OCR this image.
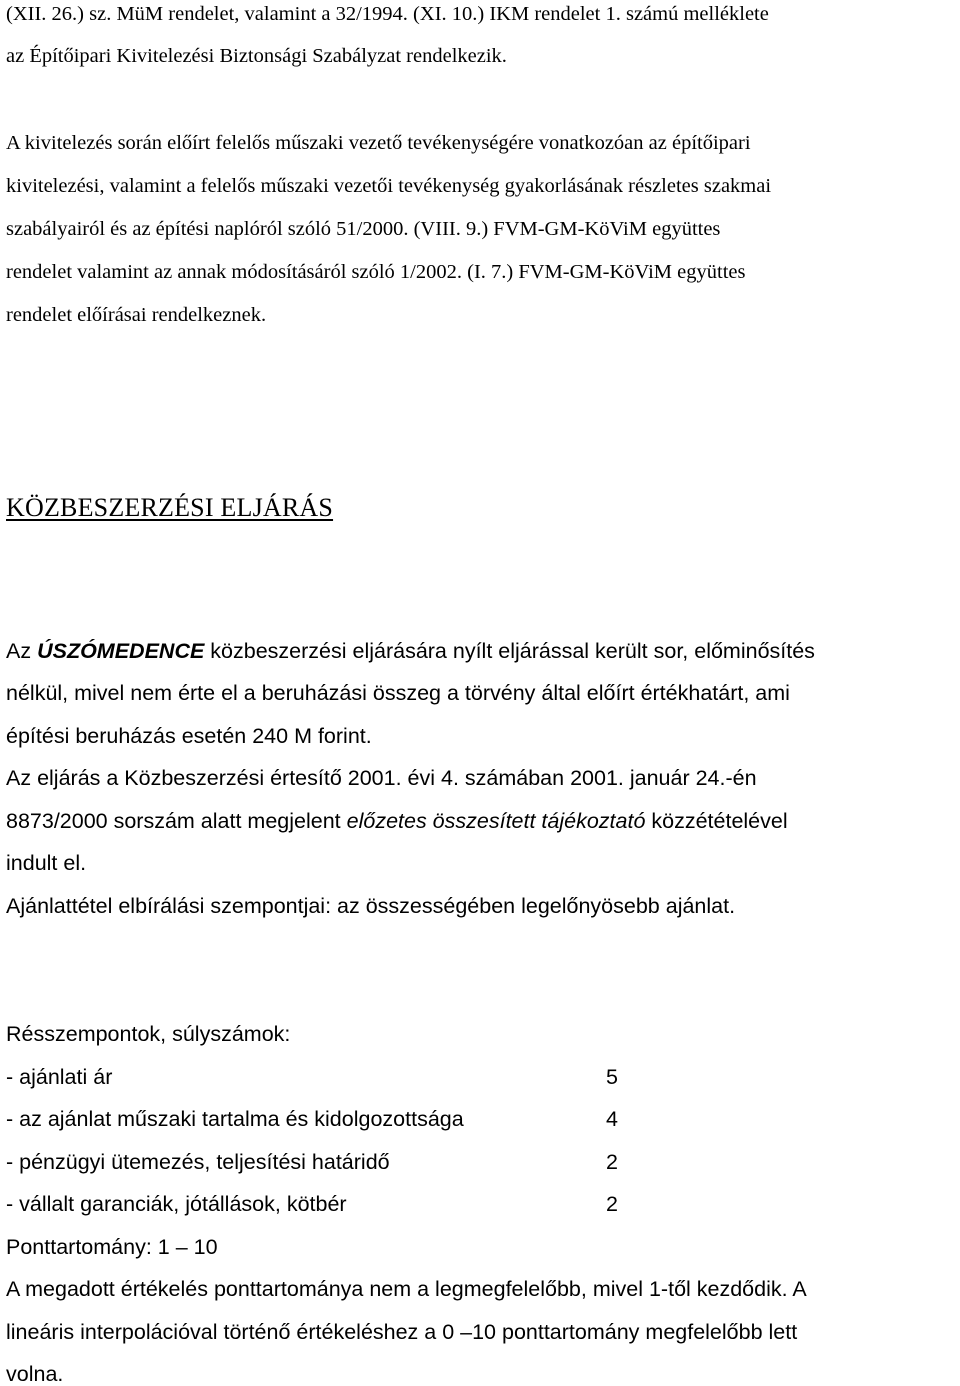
(XII. 26.) sz. MüM rendelet, valamint a 32/1994. (XI. 10.) IKM rendelet 1. számú melléklete
az Építőipari Kivitelezési Biztonsági Szabályzat rendelkezik.
A kivitelezés során előírt felelős műszaki vezető tevékenységére vonatkozóan az építőipari
kivitelezési, valamint a felelős műszaki vezetői tevékenység gyakorlásának részletes szakmai
szabályairól és az építési naplóról szóló 51/2000. (VIII. 9.) FVM-GM-KöViM együttes
rendelet valamint az annak módosításáról szóló 1/2002. (I. 7.) FVM-GM-KöViM együttes
rendelet előírásai rendelkeznek.
KÖZBESZERZÉSI ELJÁRÁS
Az ÚSZÓMEDENCE közbeszerzési eljárására nyílt eljárással került sor, előminősítés
nélkül, mivel nem érte el a beruházási összeg a törvény által előírt értékhatárt, ami
építési beruházás esetén 240 M forint.
Az eljárás a Közbeszerzési értesítő 2001. évi 4. számában 2001. január 24.-én
8873/2000 sorszám alatt megjelent előzetes összesített tájékoztató közzétételével
indult el.
Ajánlattétel elbírálási szempontjai: az összességében legelőnyösebb ajánlat.
Résszempontok, súlyszámok:
- ajánlati ár	5
- az ajánlat műszaki tartalma és kidolgozottsága	4
- pénzügyi ütemezés, teljesítési határidő	2
- vállalt garanciák, jótállások, kötbér	2
Ponttartomány: 1 – 10
A megadott értékelés ponttartománya nem a legmegfelelőbb, mivel 1-től kezdődik. A
lineáris interpolációval történő értékeléshez a 0 –10 ponttartomány megfelelőbb lett
volna.
